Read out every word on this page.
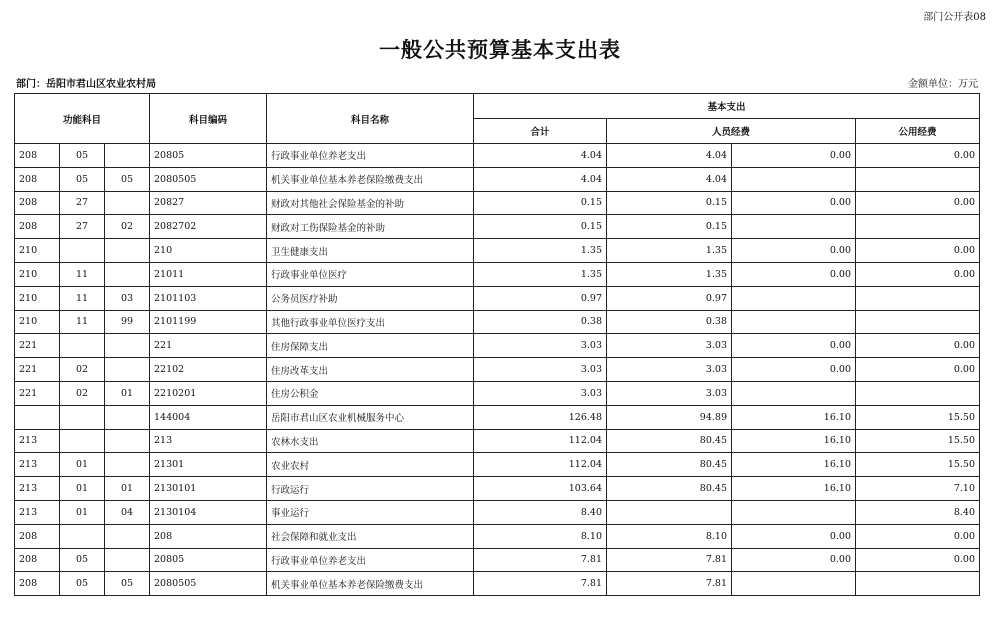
部门公开表08
一般公共预算基本支出表
部门：岳阳市君山区农业农村局	金额单位：万元
功能科目			科目编码	科目名称	基本支出			
					合计	人员经费		公用经费
208	05		20805	行政事业单位养老支出	4.04	4.04	0.00	0.00
208	05	05	2080505	机关事业单位基本养老保险缴费支出	4.04	4.04		
208	27		20827	财政对其他社会保险基金的补助	0.15	0.15	0.00	0.00
208	27	02	2082702	财政对工伤保险基金的补助	0.15	0.15		
210			210	卫生健康支出	1.35	1.35	0.00	0.00
210	11		21011	行政事业单位医疗	1.35	1.35	0.00	0.00
210	11	03	2101103	公务员医疗补助	0.97	0.97		
210	11	99	2101199	其他行政事业单位医疗支出	0.38	0.38		
221			221	住房保障支出	3.03	3.03	0.00	0.00
221	02		22102	住房改革支出	3.03	3.03	0.00	0.00
221	02	01	2210201	住房公积金	3.03	3.03		
			144004	岳阳市君山区农业机械服务中心	126.48	94.89	16.10	15.50
213			213	农林水支出	112.04	80.45	16.10	15.50
213	01		21301	农业农村	112.04	80.45	16.10	15.50
213	01	01	2130101	行政运行	103.64	80.45	16.10	7.10
213	01	04	2130104	事业运行	8.40			8.40
208			208	社会保障和就业支出	8.10	8.10	0.00	0.00
208	05		20805	行政事业单位养老支出	7.81	7.81	0.00	0.00
208	05	05	2080505	机关事业单位基本养老保险缴费支出	7.81	7.81		
